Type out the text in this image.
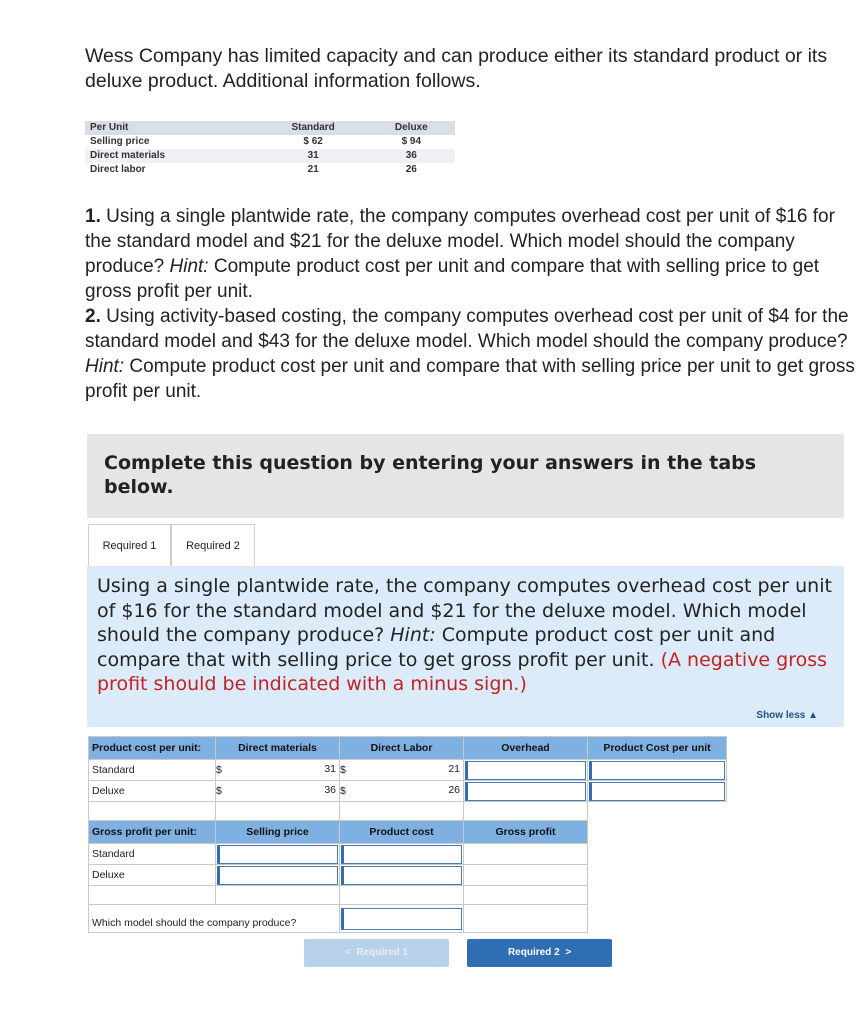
Wess Company has limited capacity and can produce either its standard product or its deluxe product. Additional information follows.
Per Unit	Standard	Deluxe
Selling price	$ 62	$ 94
Direct materials	31	36
Direct labor	21	26

1. Using a single plantwide rate, the company computes overhead cost per unit of $16 for the standard model and $21 for the deluxe model. Which model should the company produce? Hint: Compute product cost per unit and compare that with selling price to get gross profit per unit.

2. Using activity-based costing, the company computes overhead cost per unit of $4 for the standard model and $43 for the deluxe model. Which model should the company produce? Hint: Compute product cost per unit and compare that with selling price per unit to get gross profit per unit.

Complete this question by entering your answers in the tabs below.
Required 1	Required 2
Using a single plantwide rate, the company computes overhead cost per unit of $16 for the standard model and $21 for the deluxe model. Which model should the company produce? Hint: Compute product cost per unit and compare that with selling price to get gross profit per unit. (A negative gross profit should be indicated with a minus sign.)
Show less ▲
Product cost per unit:	Direct materials	Direct Labor	Overhead	Product Cost per unit
Standard	$ 31	$ 21		

Deluxe	$ 36	$ 26		

Gross profit per unit:	Selling price	Product cost	Gross profit	
Standard	

Deluxe	

Which model should the company produce?		

< Required 1	Required 2 >
